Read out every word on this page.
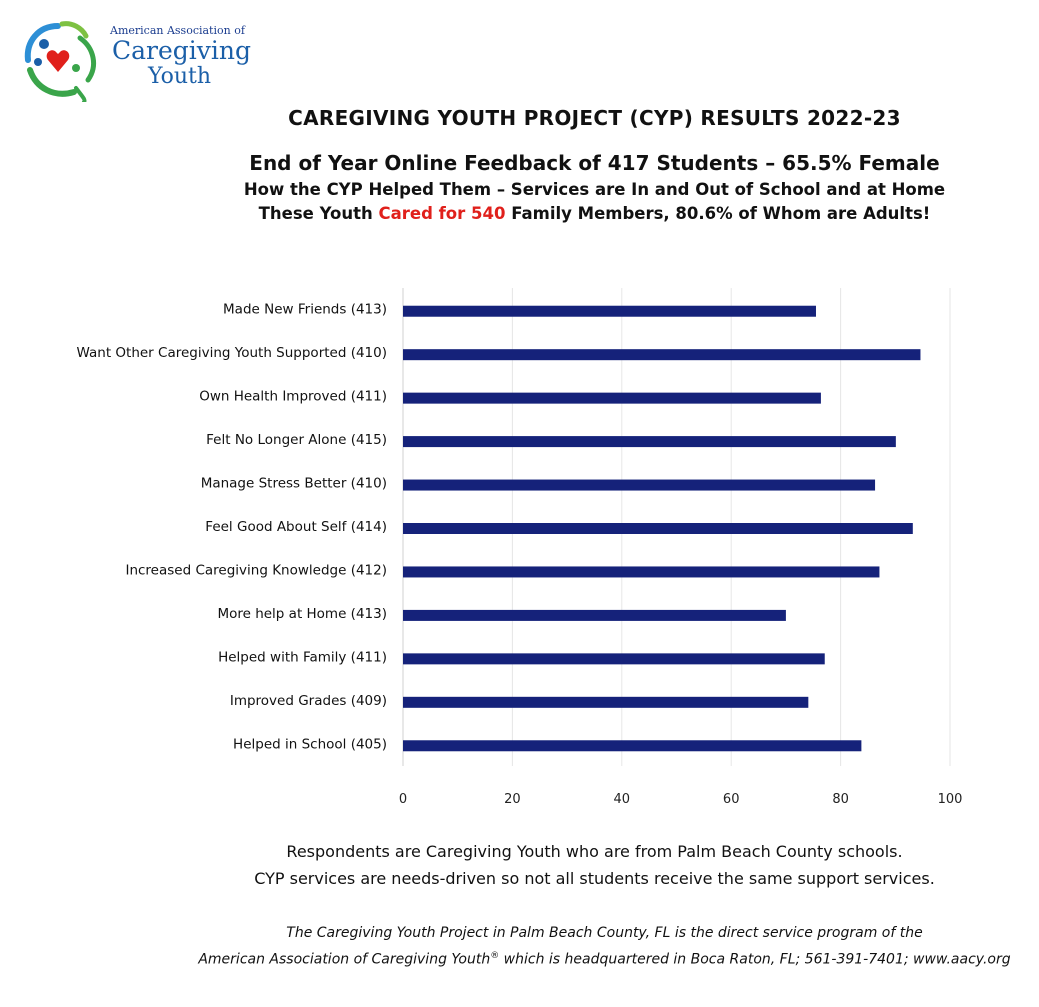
American Association of
Caregiving
Youth
CAREGIVING YOUTH PROJECT (CYP) RESULTS 2022-23
End of Year Online Feedback of 417 Students – 65.5% Female
How the CYP Helped Them – Services are In and Out of School and at Home
These Youth Cared for 540 Family Members, 80.6% of Whom are Adults!
Made New Friends (413)
Want Other Caregiving Youth Supported (410)
Own Health Improved (411)
Felt No Longer Alone (415)
Manage Stress Better (410)
Feel Good About Self (414)
Increased Caregiving Knowledge (412)
More help at Home (413)
Helped with Family (411)
Improved Grades (409)
Helped in School (405)
0	20	40	60	80	100
Respondents are Caregiving Youth who are from Palm Beach County schools.
CYP services are needs-driven so not all students receive the same support services.
The Caregiving Youth Project in Palm Beach County, FL is the direct service program of the
American Association of Caregiving Youth® which is headquartered in Boca Raton, FL; 561-391-7401; www.aacy.org
